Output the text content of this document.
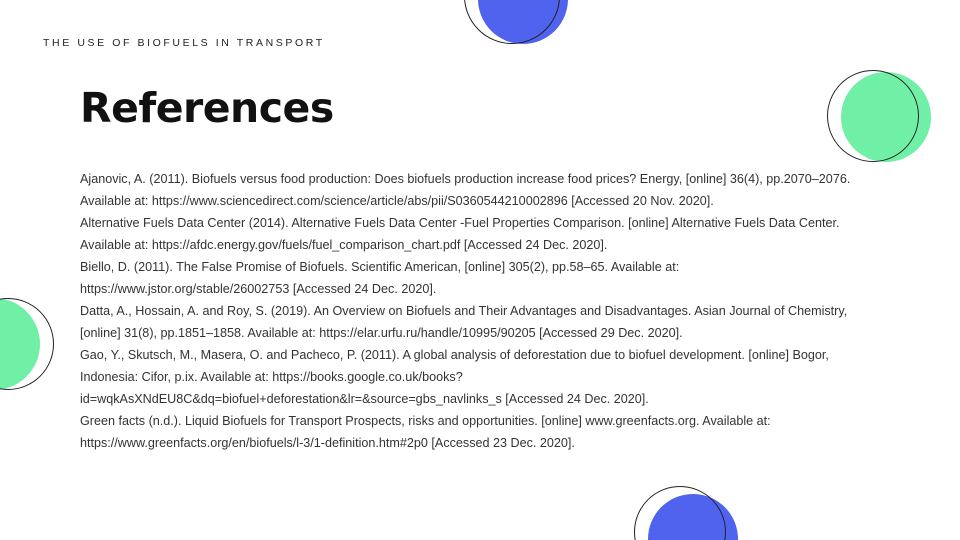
THE USE OF BIOFUELS IN TRANSPORT
References

Ajanovic, A. (2011). Biofuels versus food production: Does biofuels production increase food prices? Energy, [online] 36(4), pp.2070–2076. Available at: https://www.sciencedirect.com/science/article/abs/pii/S0360544210002896 [Accessed 20 Nov. 2020].

Alternative Fuels Data Center (2014). Alternative Fuels Data Center -Fuel Properties Comparison. [online] Alternative Fuels Data Center. Available at: https://afdc.energy.gov/fuels/fuel_comparison_chart.pdf [Accessed 24 Dec. 2020].

Biello, D. (2011). The False Promise of Biofuels. Scientific American, [online] 305(2), pp.58–65. Available at: https://www.jstor.org/stable/26002753 [Accessed 24 Dec. 2020].

Datta, A., Hossain, A. and Roy, S. (2019). An Overview on Biofuels and Their Advantages and Disadvantages. Asian Journal of Chemistry, [online] 31(8), pp.1851–1858. Available at: https://elar.urfu.ru/handle/10995/90205 [Accessed 29 Dec. 2020].

Gao, Y., Skutsch, M., Masera, O. and Pacheco, P. (2011). A global analysis of deforestation due to biofuel development. [online] Bogor, Indonesia: Cifor, p.ix. Available at: https://books.google.co.uk/books?id=wqkAsXNdEU8C&dq=biofuel+deforestation&lr=&source=gbs_navlinks_s [Accessed 24 Dec. 2020].

Green facts (n.d.). Liquid Biofuels for Transport Prospects, risks and opportunities. [online] www.greenfacts.org. Available at: https://www.greenfacts.org/en/biofuels/l-3/1-definition.htm#2p0 [Accessed 23 Dec. 2020].
